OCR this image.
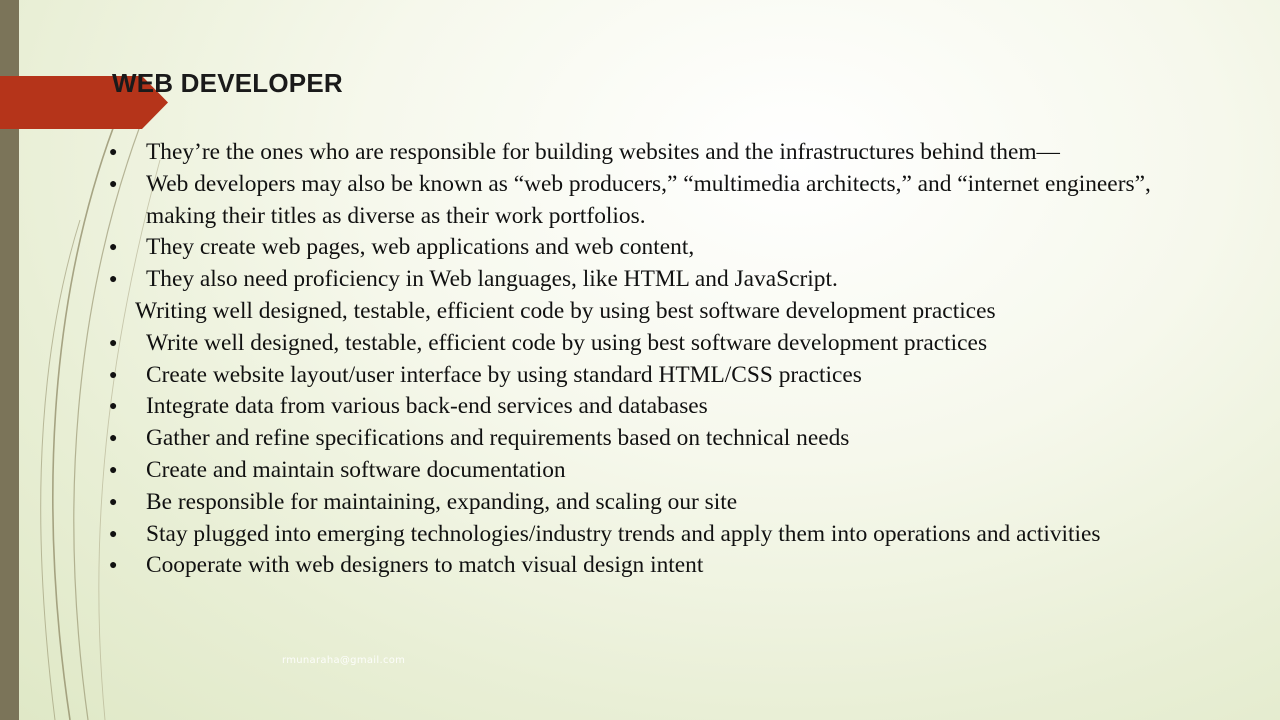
WEB DEVELOPER
● They’re the ones who are responsible for building websites and the infrastructures behind them—
● Web developers may also be known as “web producers,” “multimedia architects,” and “internet engineers”, making their titles as diverse as their work portfolios.
● They create web pages, web applications and web content,
● They also need proficiency in Web languages, like HTML and JavaScript.
Writing well designed, testable, efficient code by using best software development practices
● Write well designed, testable, efficient code by using best software development practices
● Create website layout/user interface by using standard HTML/CSS practices
● Integrate data from various back-end services and databases
● Gather and refine specifications and requirements based on technical needs
● Create and maintain software documentation
● Be responsible for maintaining, expanding, and scaling our site
● Stay plugged into emerging technologies/industry trends and apply them into operations and activities
● Cooperate with web designers to match visual design intent
rmunaraha@gmail.com
